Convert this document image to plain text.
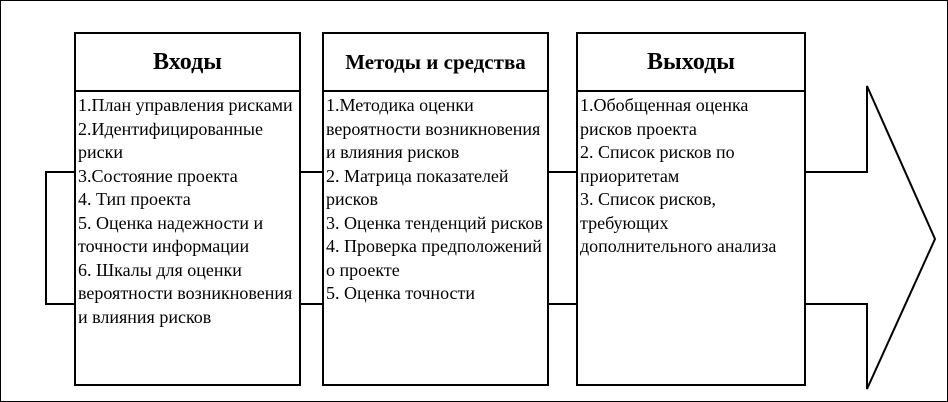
Входы
1.План управления рисками
2.Идентифицированные риски
3.Состояние проекта
4. Тип проекта
5. Оценка надежности и точности информации
6. Шкалы для оценки вероятности возникновения и влияния рисков
Методы и средства
1.Методика оценки вероятности возникновения и влияния рисков
2. Матрица показателей рисков
3. Оценка тенденций рисков
4. Проверка предположений о проекте
5. Оценка точности
Выходы
1.Обобщенная оценка рисков проекта
2. Список рисков по приоритетам
3. Список рисков, требующих дополнительного анализа
